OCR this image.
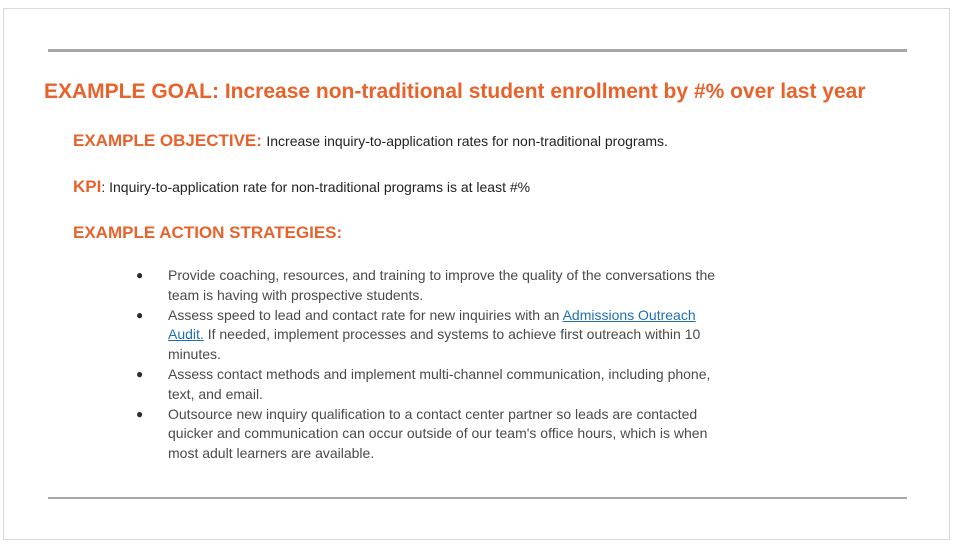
EXAMPLE GOAL: Increase non-traditional student enrollment by #% over last year
EXAMPLE OBJECTIVE: Increase inquiry-to-application rates for non-traditional programs.
KPI: Inquiry-to-application rate for non-traditional programs is at least #%
EXAMPLE ACTION STRATEGIES:
● Provide coaching, resources, and training to improve the quality of the conversations the team is having with prospective students.
● Assess speed to lead and contact rate for new inquiries with an Admissions Outreach Audit. If needed, implement processes and systems to achieve first outreach within 10 minutes.
● Assess contact methods and implement multi-channel communication, including phone, text, and email.
● Outsource new inquiry qualification to a contact center partner so leads are contacted quicker and communication can occur outside of our team's office hours, which is when most adult learners are available.
